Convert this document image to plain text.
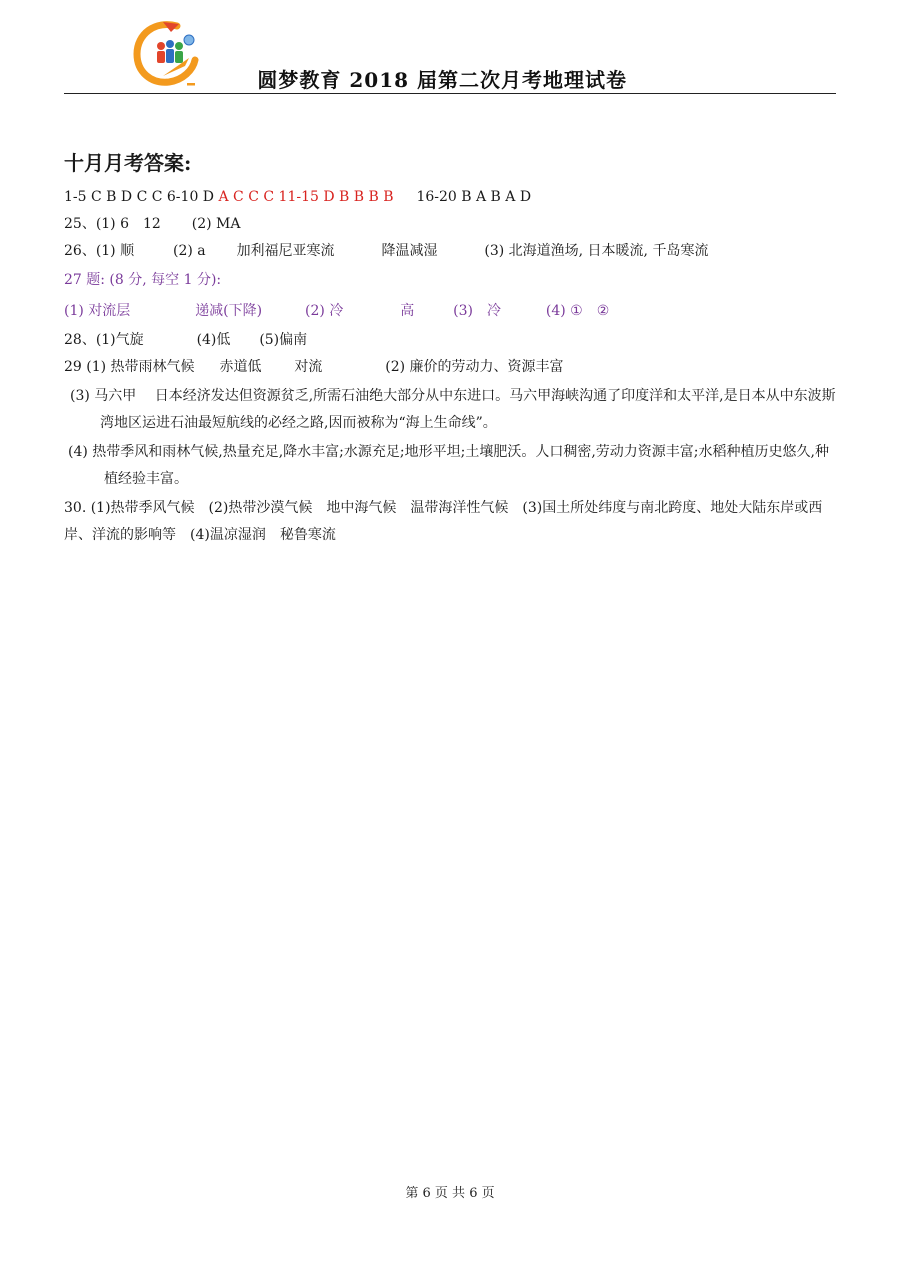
圆梦教育 2018 届第二次月考地理试卷
十月月考答案:
1-5 C B D C C 6-10 D A C C C 11-15 D B B B B 16-20 B A B A D
25、(1) 6　12 (2) MA
26、(1) 顺	(2) a 加利福尼亚寒流	降温减湿	(3) 北海道渔场, 日本暖流, 千岛寒流
27 题: (8 分, 每空 1 分):
(1) 对流层	递减(下降)	(2) 冷	高	(3)　冷	(4) ①　②
28、(1)气旋	(4)低 (5)偏南
29 (1) 热带雨林气候 赤道低 对流	(2) 廉价的劳动力、资源丰富
(3) 马六甲　 日本经济发达但资源贫乏,所需石油绝大部分从中东进口。马六甲海峡沟通了印度洋和太平洋,是日本从中东波斯湾地区运进石油最短航线的必经之路,因而被称为“海上生命线”。
(4) 热带季风和雨林气候,热量充足,降水丰富;水源充足;地形平坦;土壤肥沃。人口稠密,劳动力资源丰富;水稻种植历史悠久,种植经验丰富。
30. (1)热带季风气候　(2)热带沙漠气候　地中海气候　温带海洋性气候　(3)国土所处纬度与南北跨度、地处大陆东岸或西岸、洋流的影响等　(4)温凉湿润　秘鲁寒流
第 6 页 共 6 页
